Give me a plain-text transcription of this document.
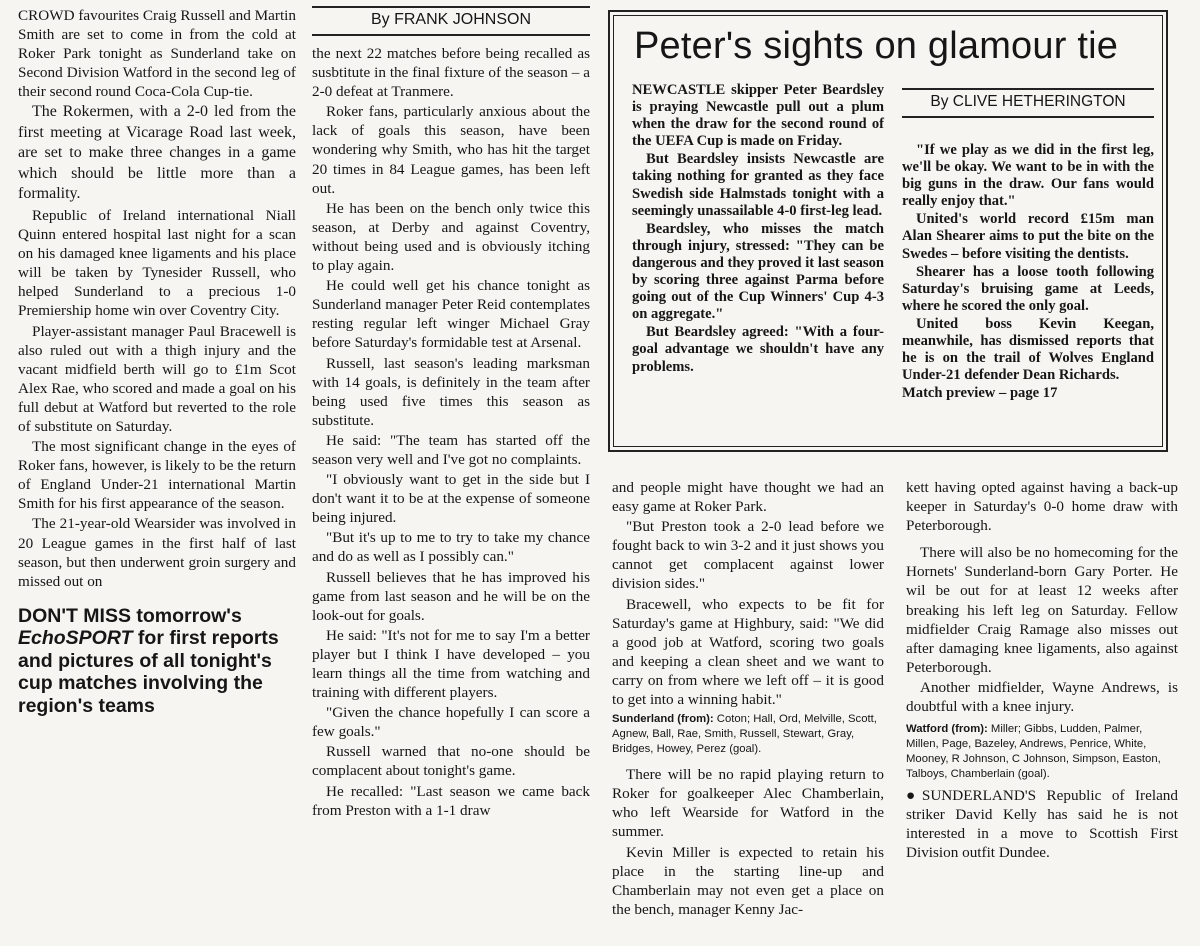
CROWD favourites Craig Russell and Martin Smith are set to come in from the cold at Roker Park tonight as Sunderland take on Second Division Watford in the second leg of their second round Coca-Cola Cup-tie.

The Rokermen, with a 2-0 led from the first meeting at Vicarage Road last week, are set to make three changes in a game which should be little more than a formality.

Republic of Ireland international Niall Quinn entered hospital last night for a scan on his damaged knee ligaments and his place will be taken by Tynesider Russell, who helped Sunderland to a precious 1-0 Premiership home win over Coventry City.

Player-assistant manager Paul Bracewell is also ruled out with a thigh injury and the vacant midfield berth will go to £1m Scot Alex Rae, who scored and made a goal on his full debut at Watford but reverted to the role of substitute on Saturday.

The most significant change in the eyes of Roker fans, however, is likely to be the return of England Under-21 international Martin Smith for his first appearance of the season.

The 21-year-old Wearsider was involved in 20 League games in the first half of last season, but then underwent groin surgery and missed out on

DON'T MISS tomorrow's EchoSPORT for first reports and pictures of all tonight's cup matches involving the region's teams
By FRANK JOHNSON

the next 22 matches before being recalled as susbtitute in the final fixture of the season – a 2-0 defeat at Tranmere.

Roker fans, particularly anxious about the lack of goals this season, have been wondering why Smith, who has hit the target 20 times in 84 League games, has been left out.

He has been on the bench only twice this season, at Derby and against Coventry, without being used and is obviously itching to play again.

He could well get his chance tonight as Sunderland manager Peter Reid contemplates resting regular left winger Michael Gray before Saturday's formidable test at Arsenal.

Russell, last season's leading marksman with 14 goals, is definitely in the team after being used five times this season as substitute.

He said: "The team has started off the season very well and I've got no complaints.

"I obviously want to get in the side but I don't want it to be at the expense of someone being injured.

"But it's up to me to try to take my chance and do as well as I possibly can."

Russell believes that he has improved his game from last season and he will be on the look-out for goals.

He said: "It's not for me to say I'm a better player but I think I have developed – you learn things all the time from watching and training with different players.

"Given the chance hopefully I can score a few goals."

Russell warned that no-one should be complacent about tonight's game.

He recalled: "Last season we came back from Preston with a 1-1 draw

Peter's sights on glamour tie

NEWCASTLE skipper Peter Beardsley is praying Newcastle pull out a plum when the draw for the second round of the UEFA Cup is made on Friday.

But Beardsley insists Newcastle are taking nothing for granted as they face Swedish side Halmstads tonight with a seemingly unassailable 4-0 first-leg lead.

Beardsley, who misses the match through injury, stressed: "They can be dangerous and they proved it last season by scoring three against Parma before going out of the Cup Winners' Cup 4-3 on aggregate."

But Beardsley agreed: "With a four-goal advantage we shouldn't have any problems.

By CLIVE HETHERINGTON

"If we play as we did in the first leg, we'll be okay. We want to be in with the big guns in the draw. Our fans would really enjoy that."

United's world record £15m man Alan Shearer aims to put the bite on the Swedes – before visiting the dentists.

Shearer has a loose tooth following Saturday's bruising game at Leeds, where he scored the only goal.

United boss Kevin Keegan, meanwhile, has dismissed reports that he is on the trail of Wolves England Under-21 defender Dean Richards.

Match preview – page 17

and people might have thought we had an easy game at Roker Park.

"But Preston took a 2-0 lead before we fought back to win 3-2 and it just shows you cannot get complacent against lower division sides."

Bracewell, who expects to be fit for Saturday's game at Highbury, said: "We did a good job at Watford, scoring two goals and keeping a clean sheet and we want to carry on from where we left off – it is good to get into a winning habit."

Sunderland (from): Coton; Hall, Ord, Melville, Scott, Agnew, Ball, Rae, Smith, Russell, Stewart, Gray, Bridges, Howey, Perez (goal).

There will be no rapid playing return to Roker for goalkeeper Alec Chamberlain, who left Wearside for Watford in the summer.

Kevin Miller is expected to retain his place in the starting line-up and Chamberlain may not even get a place on the bench, manager Kenny Jac-

kett having opted against having a back-up keeper in Saturday's 0-0 home draw with Peterborough.

There will also be no homecoming for the Hornets' Sunderland-born Gary Porter. He wil be out for at least 12 weeks after breaking his left leg on Saturday. Fellow midfielder Craig Ramage also misses out after damaging knee ligaments, also against Peterborough.

Another midfielder, Wayne Andrews, is doubtful with a knee injury.

Watford (from): Miller; Gibbs, Ludden, Palmer, Millen, Page, Bazeley, Andrews, Penrice, White, Mooney, R Johnson, C Johnson, Simpson, Easton, Talboys, Chamberlain (goal).

● SUNDERLAND'S Republic of Ireland striker David Kelly has said he is not interested in a move to Scottish First Division outfit Dundee.
